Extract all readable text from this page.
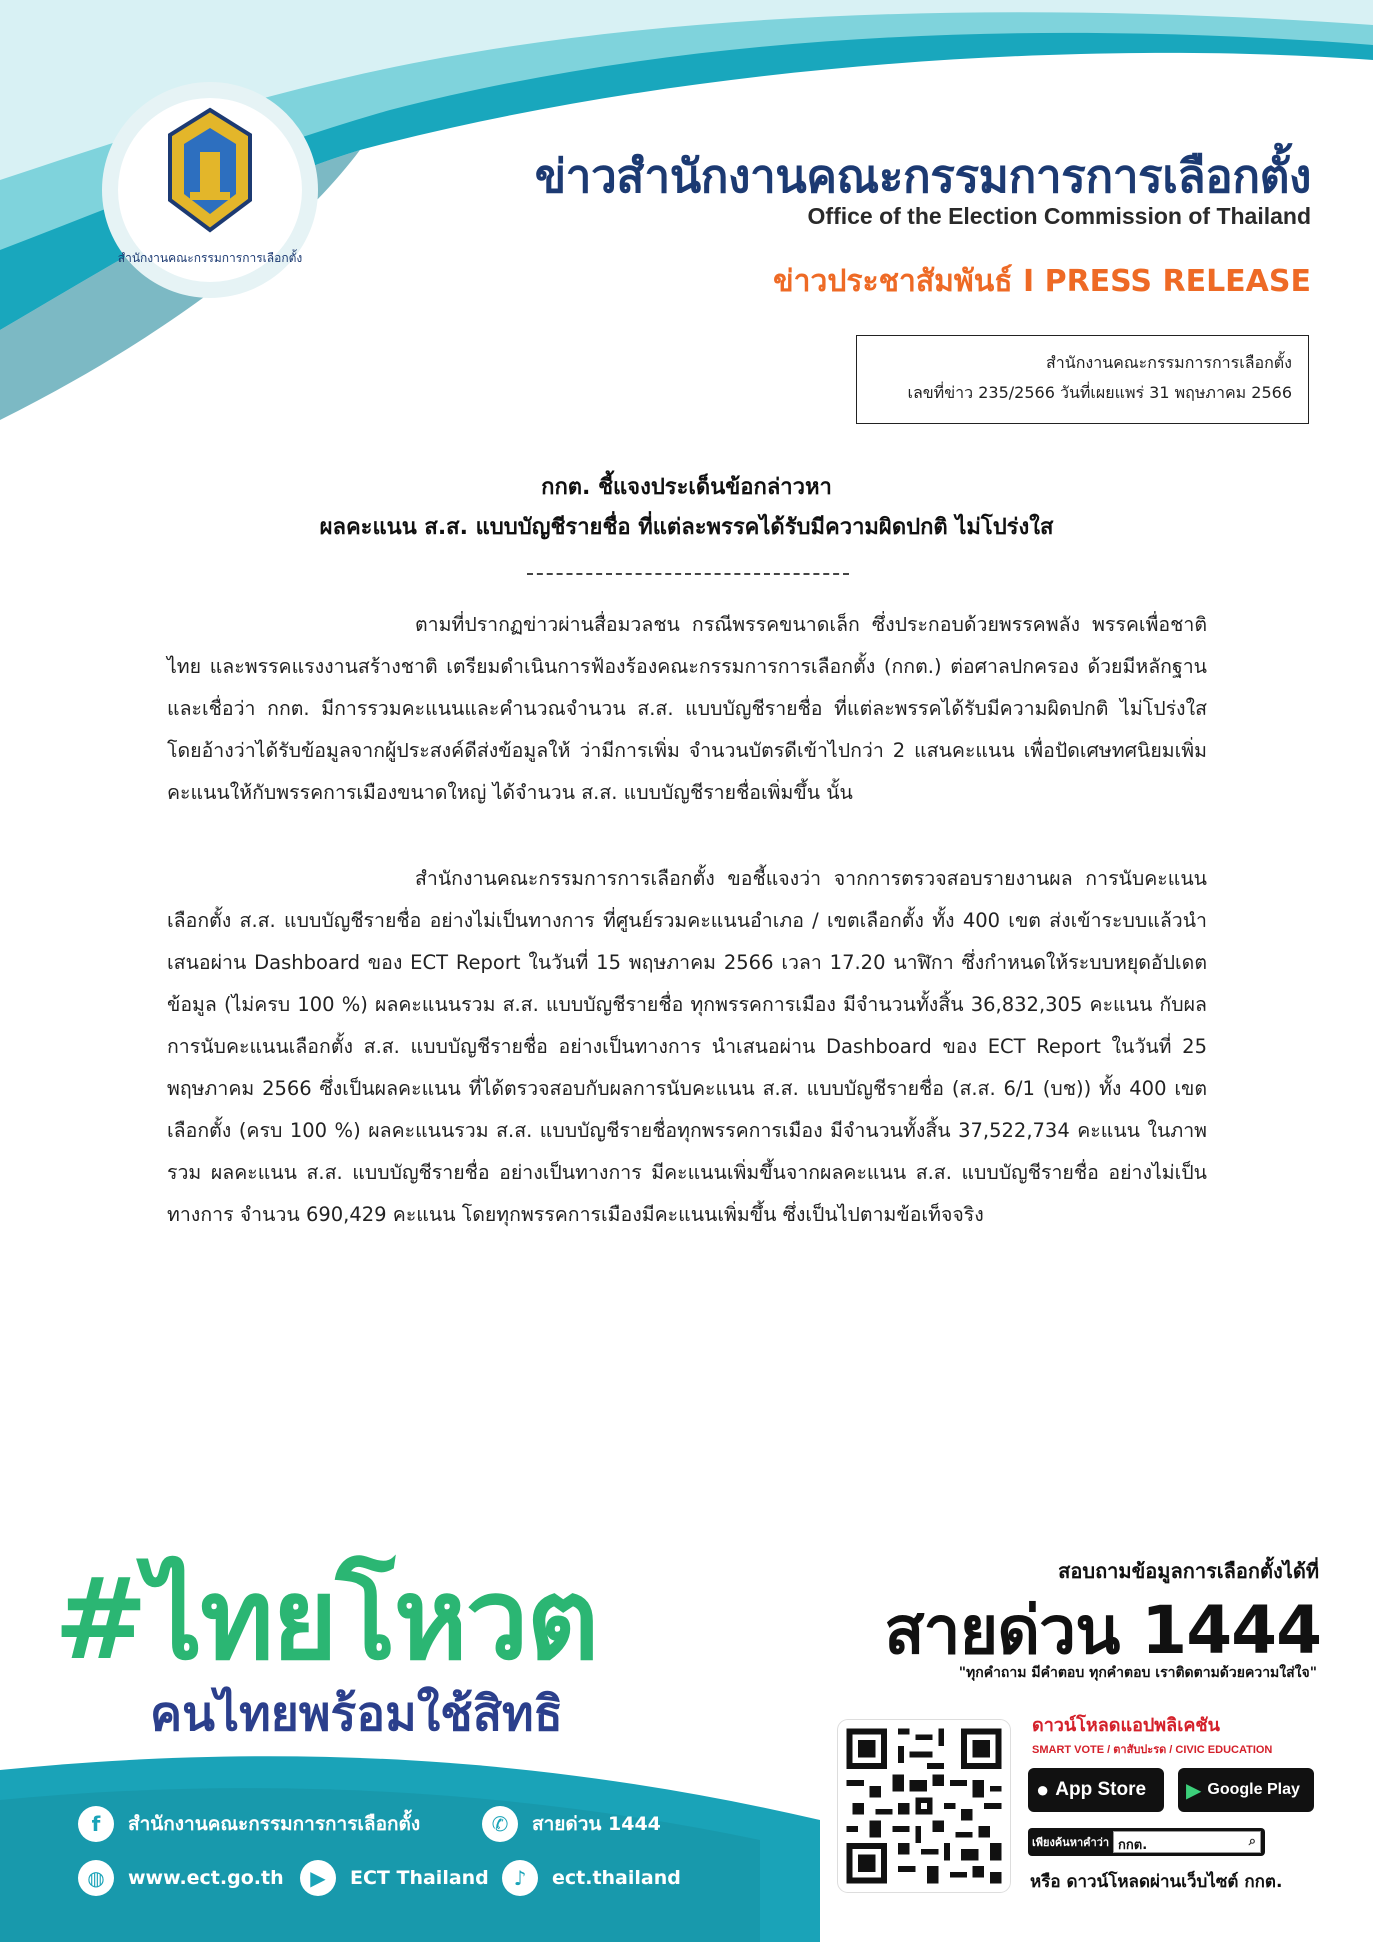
สำนักงานคณะกรรมการการเลือกตั้ง
ข่าวสำนักงานคณะกรรมการการเลือกตั้ง
Office of the Election Commission of Thailand
ข่าวประชาสัมพันธ์ I PRESS RELEASE
สำนักงานคณะกรรมการการเลือกตั้ง
เลขที่ข่าว 235/2566 วันที่เผยแพร่ 31 พฤษภาคม 2566
กกต. ชี้แจงประเด็นข้อกล่าวหา
ผลคะแนน ส.ส. แบบบัญชีรายชื่อ ที่แต่ละพรรคได้รับมีความผิดปกติ ไม่โปร่งใส

ตามที่ปรากฏข่าวผ่านสื่อมวลชน กรณีพรรคขนาดเล็ก ซึ่งประกอบด้วยพรรคพลัง พรรคเพื่อชาติไทย และพรรคแรงงานสร้างชาติ เตรียมดำเนินการฟ้องร้องคณะกรรมการการเลือกตั้ง (กกต.) ต่อศาลปกครอง ด้วยมีหลักฐานและเชื่อว่า กกต. มีการรวมคะแนนและคำนวณจำนวน ส.ส. แบบบัญชีรายชื่อ ที่แต่ละพรรคได้รับมีความผิดปกติ ไม่โปร่งใส โดยอ้างว่าได้รับข้อมูลจากผู้ประสงค์ดีส่งข้อมูลให้ ว่ามีการเพิ่ม จำนวนบัตรดีเข้าไปกว่า 2 แสนคะแนน เพื่อปัดเศษทศนิยมเพิ่มคะแนนให้กับพรรคการเมืองขนาดใหญ่ ได้จำนวน ส.ส. แบบบัญชีรายชื่อเพิ่มขึ้น นั้น

สำนักงานคณะกรรมการการเลือกตั้ง ขอชี้แจงว่า จากการตรวจสอบรายงานผล การนับคะแนนเลือกตั้ง ส.ส. แบบบัญชีรายชื่อ อย่างไม่เป็นทางการ ที่ศูนย์รวมคะแนนอำเภอ / เขตเลือกตั้ง ทั้ง 400 เขต ส่งเข้าระบบแล้วนำเสนอผ่าน Dashboard ของ ECT Report ในวันที่ 15 พฤษภาคม 2566 เวลา 17.20 นาฬิกา ซึ่งกำหนดให้ระบบหยุดอัปเดตข้อมูล (ไม่ครบ 100 %) ผลคะแนนรวม ส.ส. แบบบัญชีรายชื่อ ทุกพรรคการเมือง มีจำนวนทั้งสิ้น 36,832,305 คะแนน กับผลการนับคะแนนเลือกตั้ง ส.ส. แบบบัญชีรายชื่อ อย่างเป็นทางการ นำเสนอผ่าน Dashboard ของ ECT Report ในวันที่ 25 พฤษภาคม 2566 ซึ่งเป็นผลคะแนน ที่ได้ตรวจสอบกับผลการนับคะแนน ส.ส. แบบบัญชีรายชื่อ (ส.ส. 6/1 (บช)) ทั้ง 400 เขตเลือกตั้ง (ครบ 100 %) ผลคะแนนรวม ส.ส. แบบบัญชีรายชื่อทุกพรรคการเมือง มีจำนวนทั้งสิ้น 37,522,734 คะแนน ในภาพรวม ผลคะแนน ส.ส. แบบบัญชีรายชื่อ อย่างเป็นทางการ มีคะแนนเพิ่มขึ้นจากผลคะแนน ส.ส. แบบบัญชีรายชื่อ อย่างไม่เป็นทางการ จำนวน 690,429 คะแนน โดยทุกพรรคการเมืองมีคะแนนเพิ่มขึ้น ซึ่งเป็นไปตามข้อเท็จจริง

#ไทยโหวต
คนไทยพร้อมใช้สิทธิ
สอบถามข้อมูลการเลือกตั้งได้ที่
สายด่วน 1444
"ทุกคำถาม มีคำตอบ ทุกคำตอบ เราติดตามด้วยความใส่ใจ"
ดาวน์โหลดแอปพลิเคชัน
SMART VOTE / ตาสับปะรด / CIVIC EDUCATION
● App Store ▶ Google Play
เพียงค้นหาคำว่า กกต.	⌕
หรือ ดาวน์โหลดผ่านเว็บไซต์ กกต.
f	สำนักงานคณะกรรมการการเลือกตั้ง	✆	สายด่วน 1444
◍	www.ect.go.th	▶	ECT Thailand	♪	ect.thailand
